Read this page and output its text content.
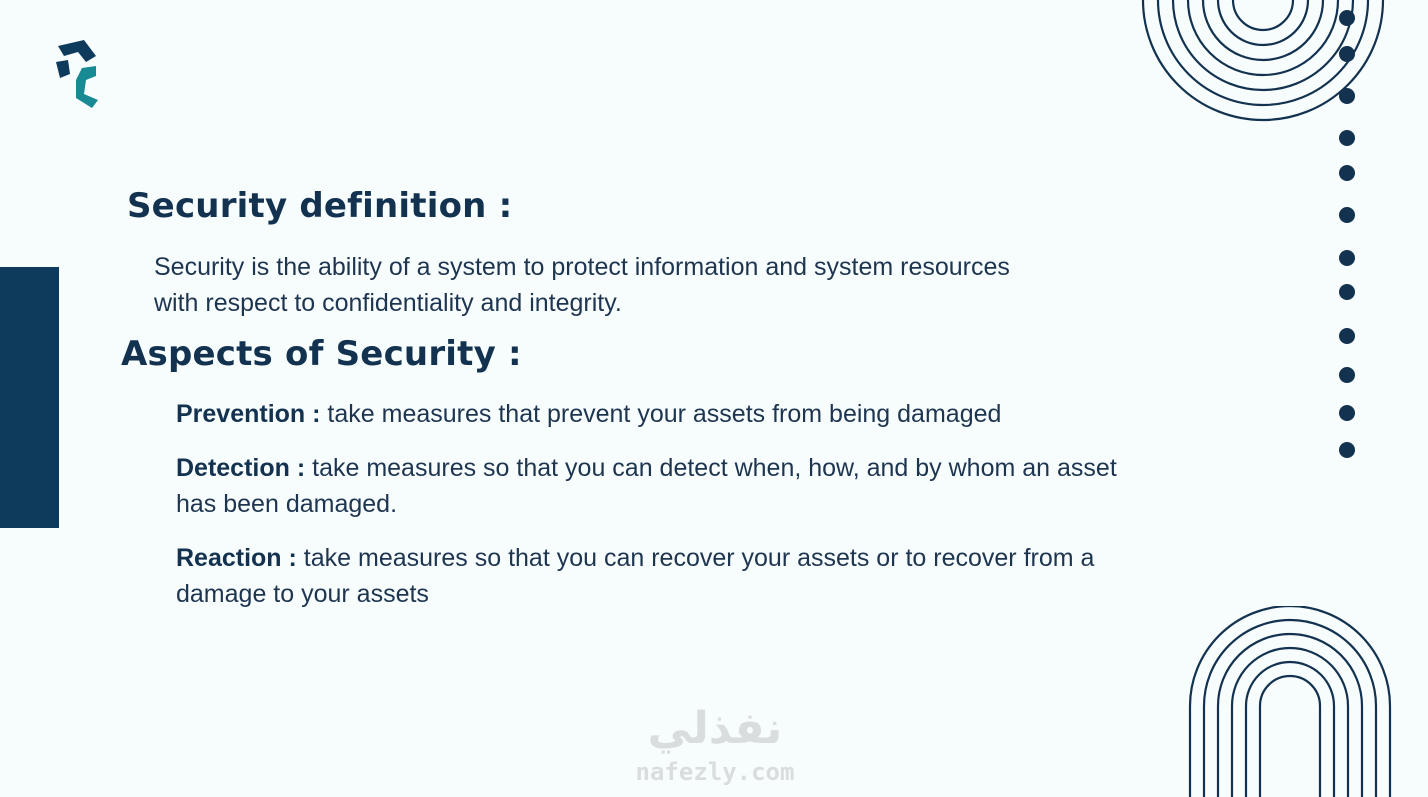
Security definition :
Security is the ability of a system to protect information and system resources with respect to confidentiality and integrity.
Aspects of Security :
Prevention : take measures that prevent your assets from being damaged
Detection : take measures so that you can detect when, how, and by whom an asset has been damaged.
Reaction : take measures so that you can recover your assets or to recover from a damage to your assets
نفذلي
nafezly.com
